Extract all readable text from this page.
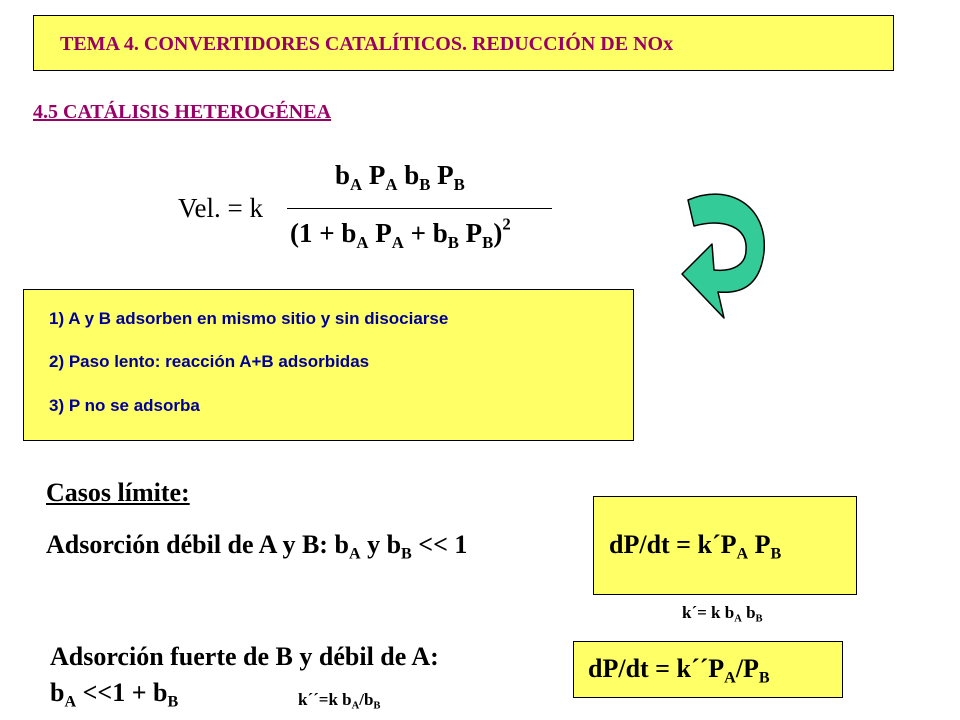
TEMA 4. CONVERTIDORES CATALÍTICOS. REDUCCIÓN DE NOx
4.5 CATÁLISIS HETEROGÉNEA
Vel. = k
$b_A$ $P_A$ $b_B$ $P_B$
($1 + b_A$ $P_A + b_B$ $P_B)^2$
1) A y B adsorben en mismo sitio y sin disociarse
2) Paso lento: reacción A+B adsorbidas
3) P no se adsorba
Casos límite:
Adsorción débil de A y B: $b_A$ y $b_B << 1$	$dP/dt = k´P_A$ $P_B$
k´= k $b_A$ $b_B$
Adsorción fuerte de B y débil de A:
$b_A <<1 + b_B$	k´´=k $b_A/b_B$
$dP/dt = k´´P_A/P_B$
